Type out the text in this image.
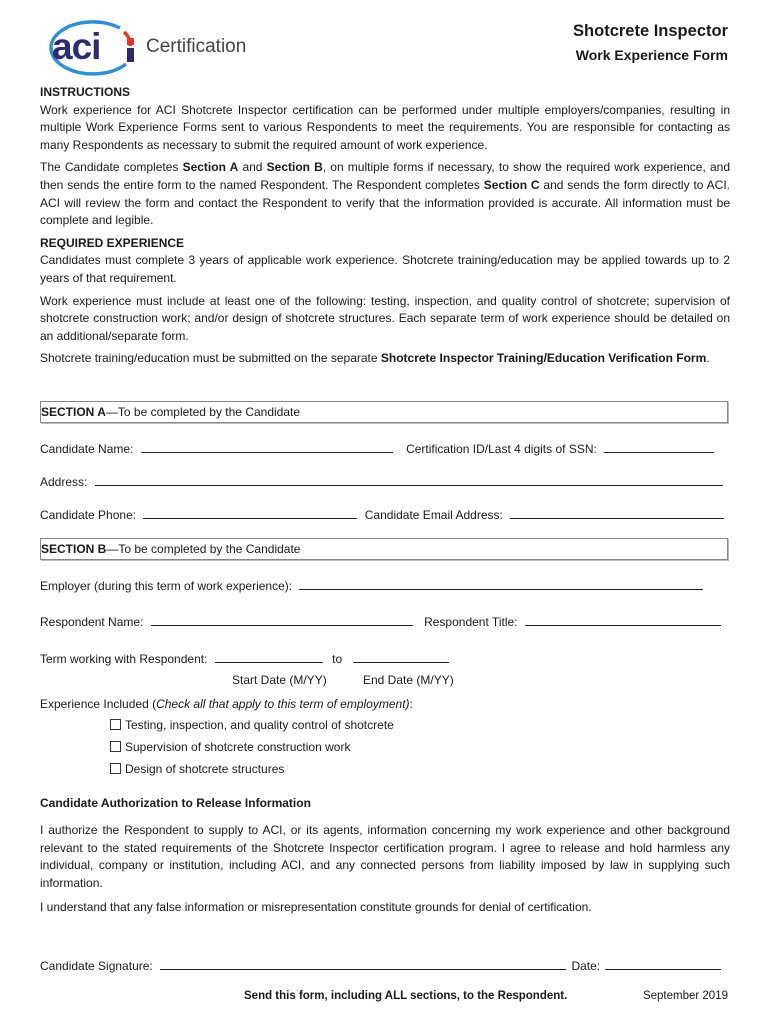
aci Certification
Shotcrete Inspector
Work Experience Form

INSTRUCTIONS
Work experience for ACI Shotcrete Inspector certification can be performed under multiple employers/companies, resulting in multiple Work Experience Forms sent to various Respondents to meet the requirements. You are responsible for contacting as many Respondents as necessary to submit the required amount of work experience.

The Candidate completes Section A and Section B, on multiple forms if necessary, to show the required work experience, and then sends the entire form to the named Respondent. The Respondent completes Section C and sends the form directly to ACI. ACI will review the form and contact the Respondent to verify that the information provided is accurate. All information must be complete and legible.

REQUIRED EXPERIENCE
Candidates must complete 3 years of applicable work experience. Shotcrete training/education may be applied towards up to 2 years of that requirement.

Work experience must include at least one of the following: testing, inspection, and quality control of shotcrete; supervision of shotcrete construction work; and/or design of shotcrete structures. Each separate term of work experience should be detailed on an additional/separate form.

Shotcrete training/education must be submitted on the separate Shotcrete Inspector Training/Education Verification Form.

SECTION A—To be completed by the Candidate
Candidate Name:	Certification ID/Last 4 digits of SSN:
Address:
Candidate Phone:	Candidate Email Address:
SECTION B—To be completed by the Candidate
Employer (during this term of work experience):
Respondent Name:	Respondent Title:
Term working with Respondent:	to
Start Date (M/YY)	End Date (M/YY)
Experience Included (Check all that apply to this term of employment):
Testing, inspection, and quality control of shotcrete
Supervision of shotcrete construction work
Design of shotcrete structures
Candidate Authorization to Release Information

I authorize the Respondent to supply to ACI, or its agents, information concerning my work experience and other background relevant to the stated requirements of the Shotcrete Inspector certification program. I agree to release and hold harmless any individual, company or institution, including ACI, and any connected persons from liability imposed by law in supplying such information.

I understand that any false information or misrepresentation constitute grounds for denial of certification.

Candidate Signature:	Date:
Send this form, including ALL sections, to the Respondent.	September 2019
